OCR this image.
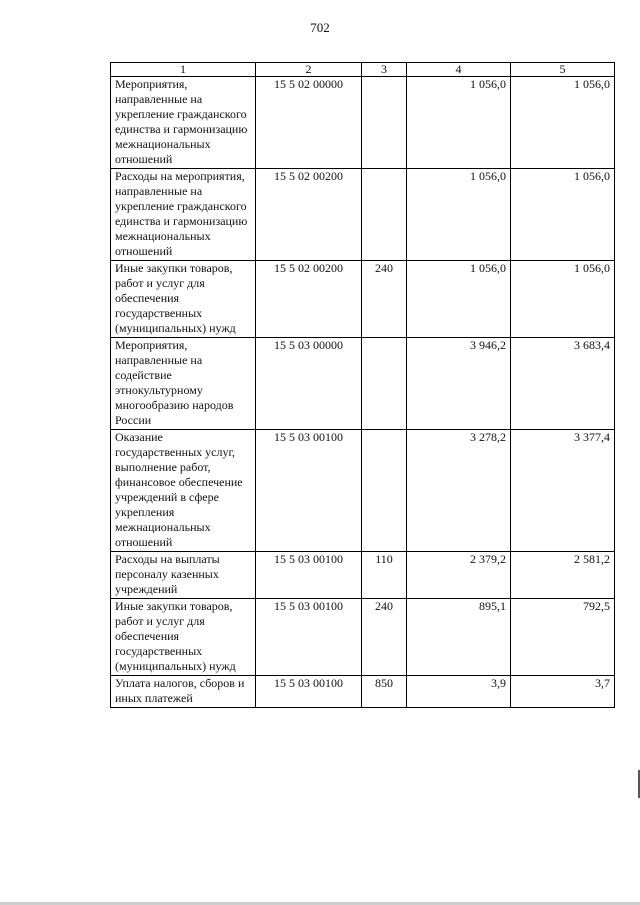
702
1	2	3	4	5
Мероприятия, направленные на укрепление гражданского единства и гармонизацию межнациональных отношений	15 5 02 00000		1 056,0	1 056,0
Расходы на мероприятия, направленные на укрепление гражданского единства и гармонизацию межнациональных отношений	15 5 02 00200		1 056,0	1 056,0
Иные закупки товаров, работ и услуг для обеспечения государственных (муниципальных) нужд	15 5 02 00200	240	1 056,0	1 056,0
Мероприятия, направленные на содействие этнокультурному многообразию народов России	15 5 03 00000		3 946,2	3 683,4
Оказание государственных услуг, выполнение работ, финансовое обеспечение учреждений в сфере укрепления межнациональных отношений	15 5 03 00100		3 278,2	3 377,4
Расходы на выплаты персоналу казенных учреждений	15 5 03 00100	110	2 379,2	2 581,2
Иные закупки товаров, работ и услуг для обеспечения государственных (муниципальных) нужд	15 5 03 00100	240	895,1	792,5
Уплата налогов, сборов и иных платежей	15 5 03 00100	850	3,9	3,7
